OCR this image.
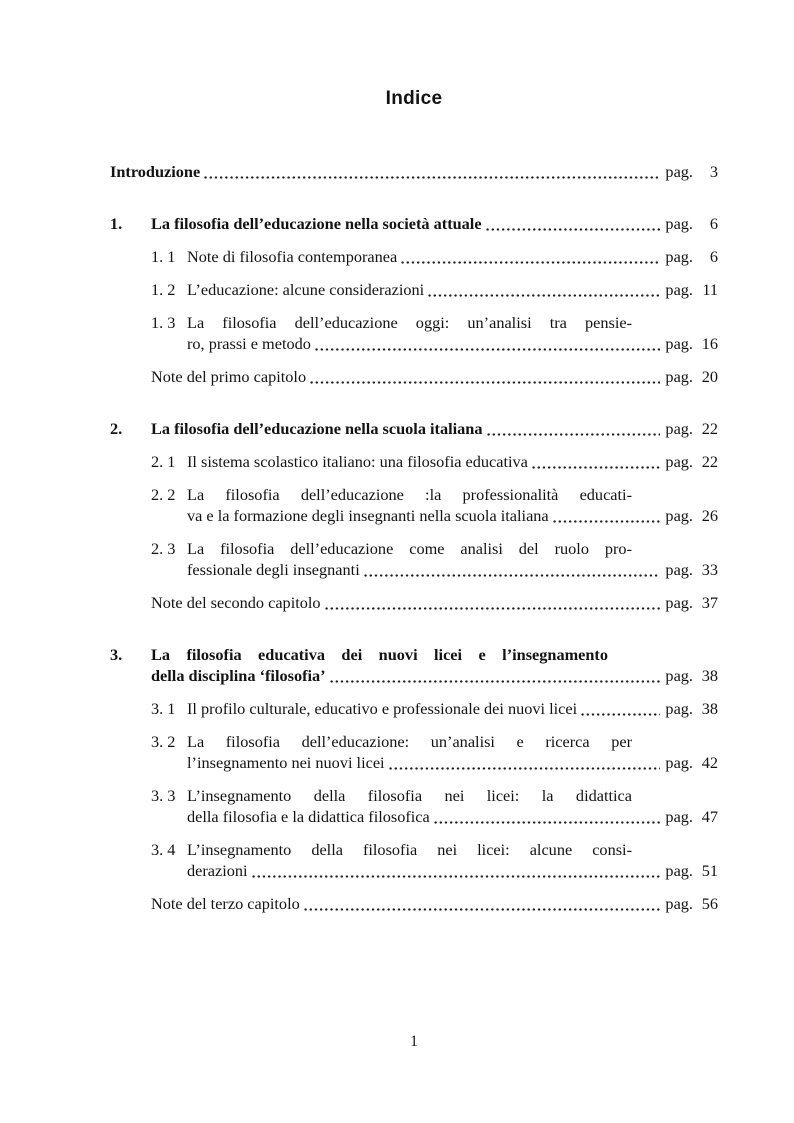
Indice
Introduzione	pag.	3
1.	La filosofia dell’educazione nella società attuale	pag.	6
1. 1 Note di filosofia contemporanea	pag.	6
1. 2 L’educazione: alcune considerazioni	pag. 11
1. 3 La filosofia dell’educazione oggi: un’analisi tra pensie-
ro, prassi e metodo	pag. 16
Note del primo capitolo	pag. 20
2.	La filosofia dell’educazione nella scuola italiana	pag. 22
2. 1 Il sistema scolastico italiano: una filosofia educativa	pag. 22
2. 2 La filosofia dell’educazione :la professionalità educati-
va e la formazione degli insegnanti nella scuola italiana	pag. 26
2. 3 La filosofia dell’educazione come analisi del ruolo pro-
fessionale degli insegnanti	pag. 33
Note del secondo capitolo	pag. 37
3.	La filosofia educativa dei nuovi licei e l’insegnamento
della disciplina ‘filosofia’	pag. 38
3. 1 Il profilo culturale, educativo e professionale dei nuovi licei	pag. 38
3. 2 La filosofia dell’educazione: un’analisi e ricerca per
l’insegnamento nei nuovi licei	pag. 42
3. 3 L’insegnamento della filosofia nei licei: la didattica
della filosofia e la didattica filosofica	pag. 47
3. 4 L’insegnamento della filosofia nei licei: alcune consi-
derazioni	pag. 51
Note del terzo capitolo	pag. 56
1
